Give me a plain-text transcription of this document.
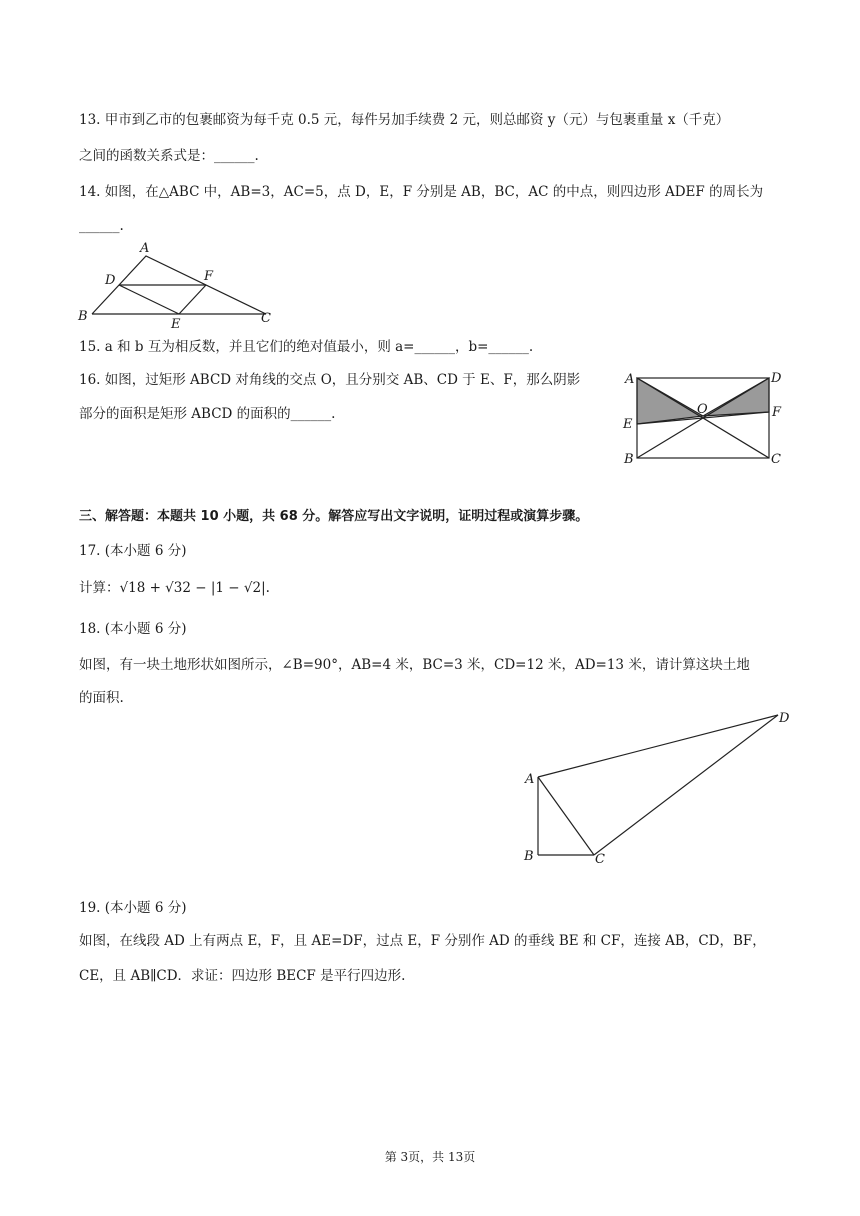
13. 甲市到乙市的包裹邮资为每千克 0.5 元，每件另加手续费 2 元，则总邮资 y（元）与包裹重量 x（千克）
之间的函数关系式是：______.
14. 如图，在△ABC 中，AB=3，AC=5，点 D，E，F 分别是 AB，BC，AC 的中点，则四边形 ADEF 的周长为
______.
A
D	F
B
E	C
15. a 和 b 互为相反数，并且它们的绝对值最小，则 a=______，b=______.
16. 如图，过矩形 ABCD 对角线的交点 O，且分别交 AB、CD 于 E、F，那么阴影
部分的面积是矩形 ABCD 的面积的______.
A	D
O	F
E
B	C
三、解答题：本题共 10 小题，共 68 分。解答应写出文字说明，证明过程或演算步骤。
17. (本小题 6 分)
计算：√18 + √32 − |1 − √2|.
18. (本小题 6 分)
如图，有一块土地形状如图所示，∠B=90°，AB=4 米，BC=3 米，CD=12 米，AD=13 米，请计算这块土地
的面积.
D
A
B	C
19. (本小题 6 分)
如图，在线段 AD 上有两点 E，F，且 AE=DF，过点 E，F 分别作 AD 的垂线 BE 和 CF，连接 AB，CD，BF，
CE，且 AB∥CD．求证：四边形 BECF 是平行四边形.
第 3页，共 13页
